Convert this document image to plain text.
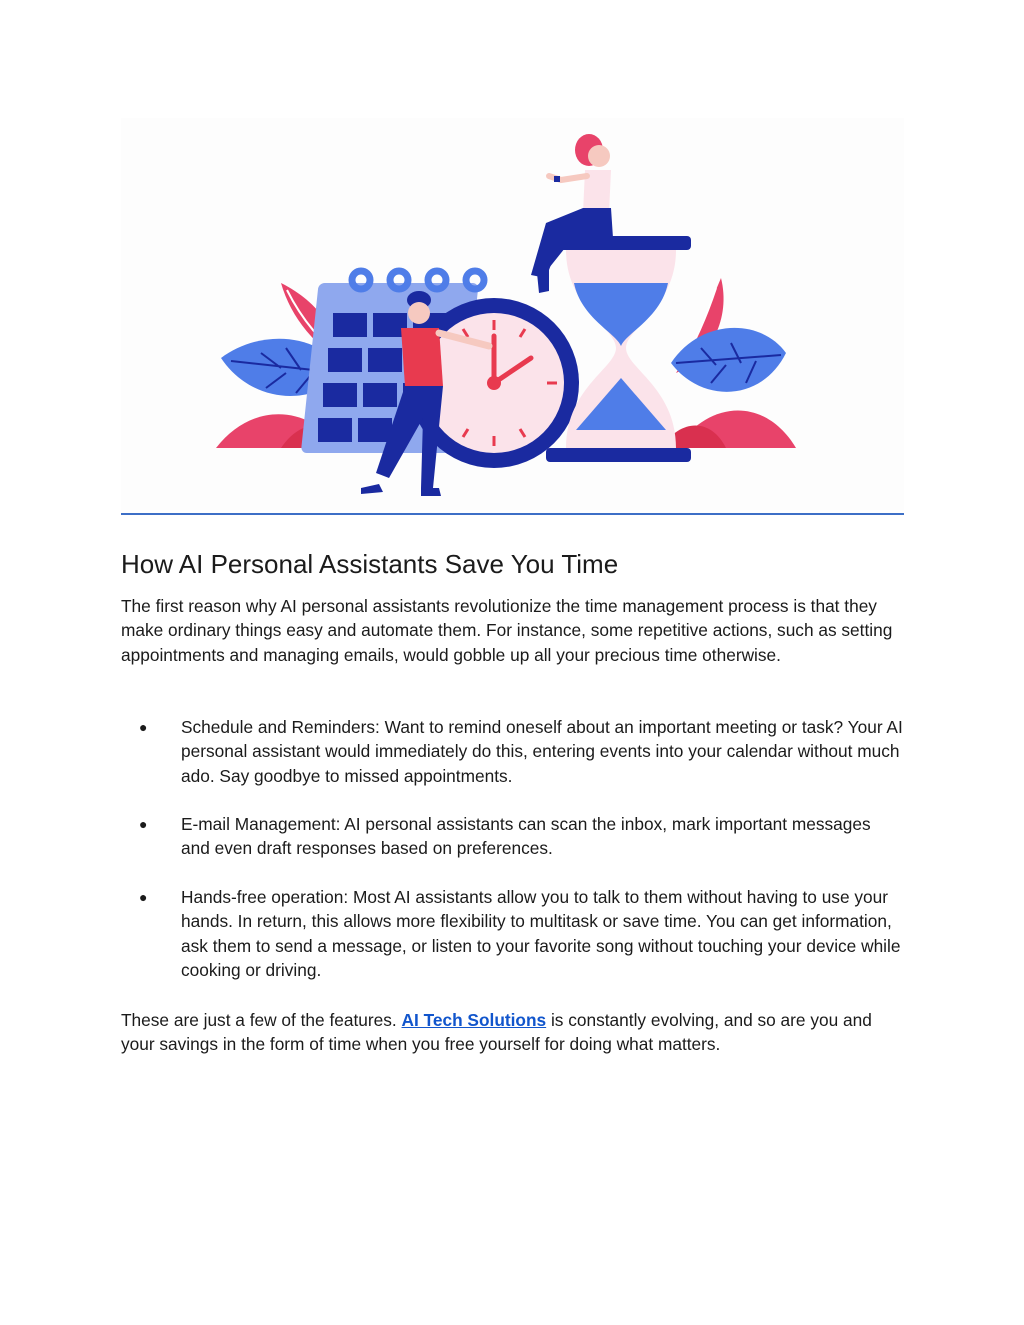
How AI Personal Assistants Save You Time

The first reason why AI personal assistants revolutionize the time management process is that they make ordinary things easy and automate them. For instance, some repetitive actions, such as setting appointments and managing emails, would gobble up all your precious time otherwise.

● Schedule and Reminders: Want to remind oneself about an important meeting or task? Your AI personal assistant would immediately do this, entering events into your calendar without much ado. Say goodbye to missed appointments.
● E-mail Management: AI personal assistants can scan the inbox, mark important messages and even draft responses based on preferences.
● Hands-free operation: Most AI assistants allow you to talk to them without having to use your hands. In return, this allows more flexibility to multitask or save time. You can get information, ask them to send a message, or listen to your favorite song without touching your device while cooking or driving.

These are just a few of the features. AI Tech Solutions is constantly evolving, and so are you and your savings in the form of time when you free yourself for doing what matters.
